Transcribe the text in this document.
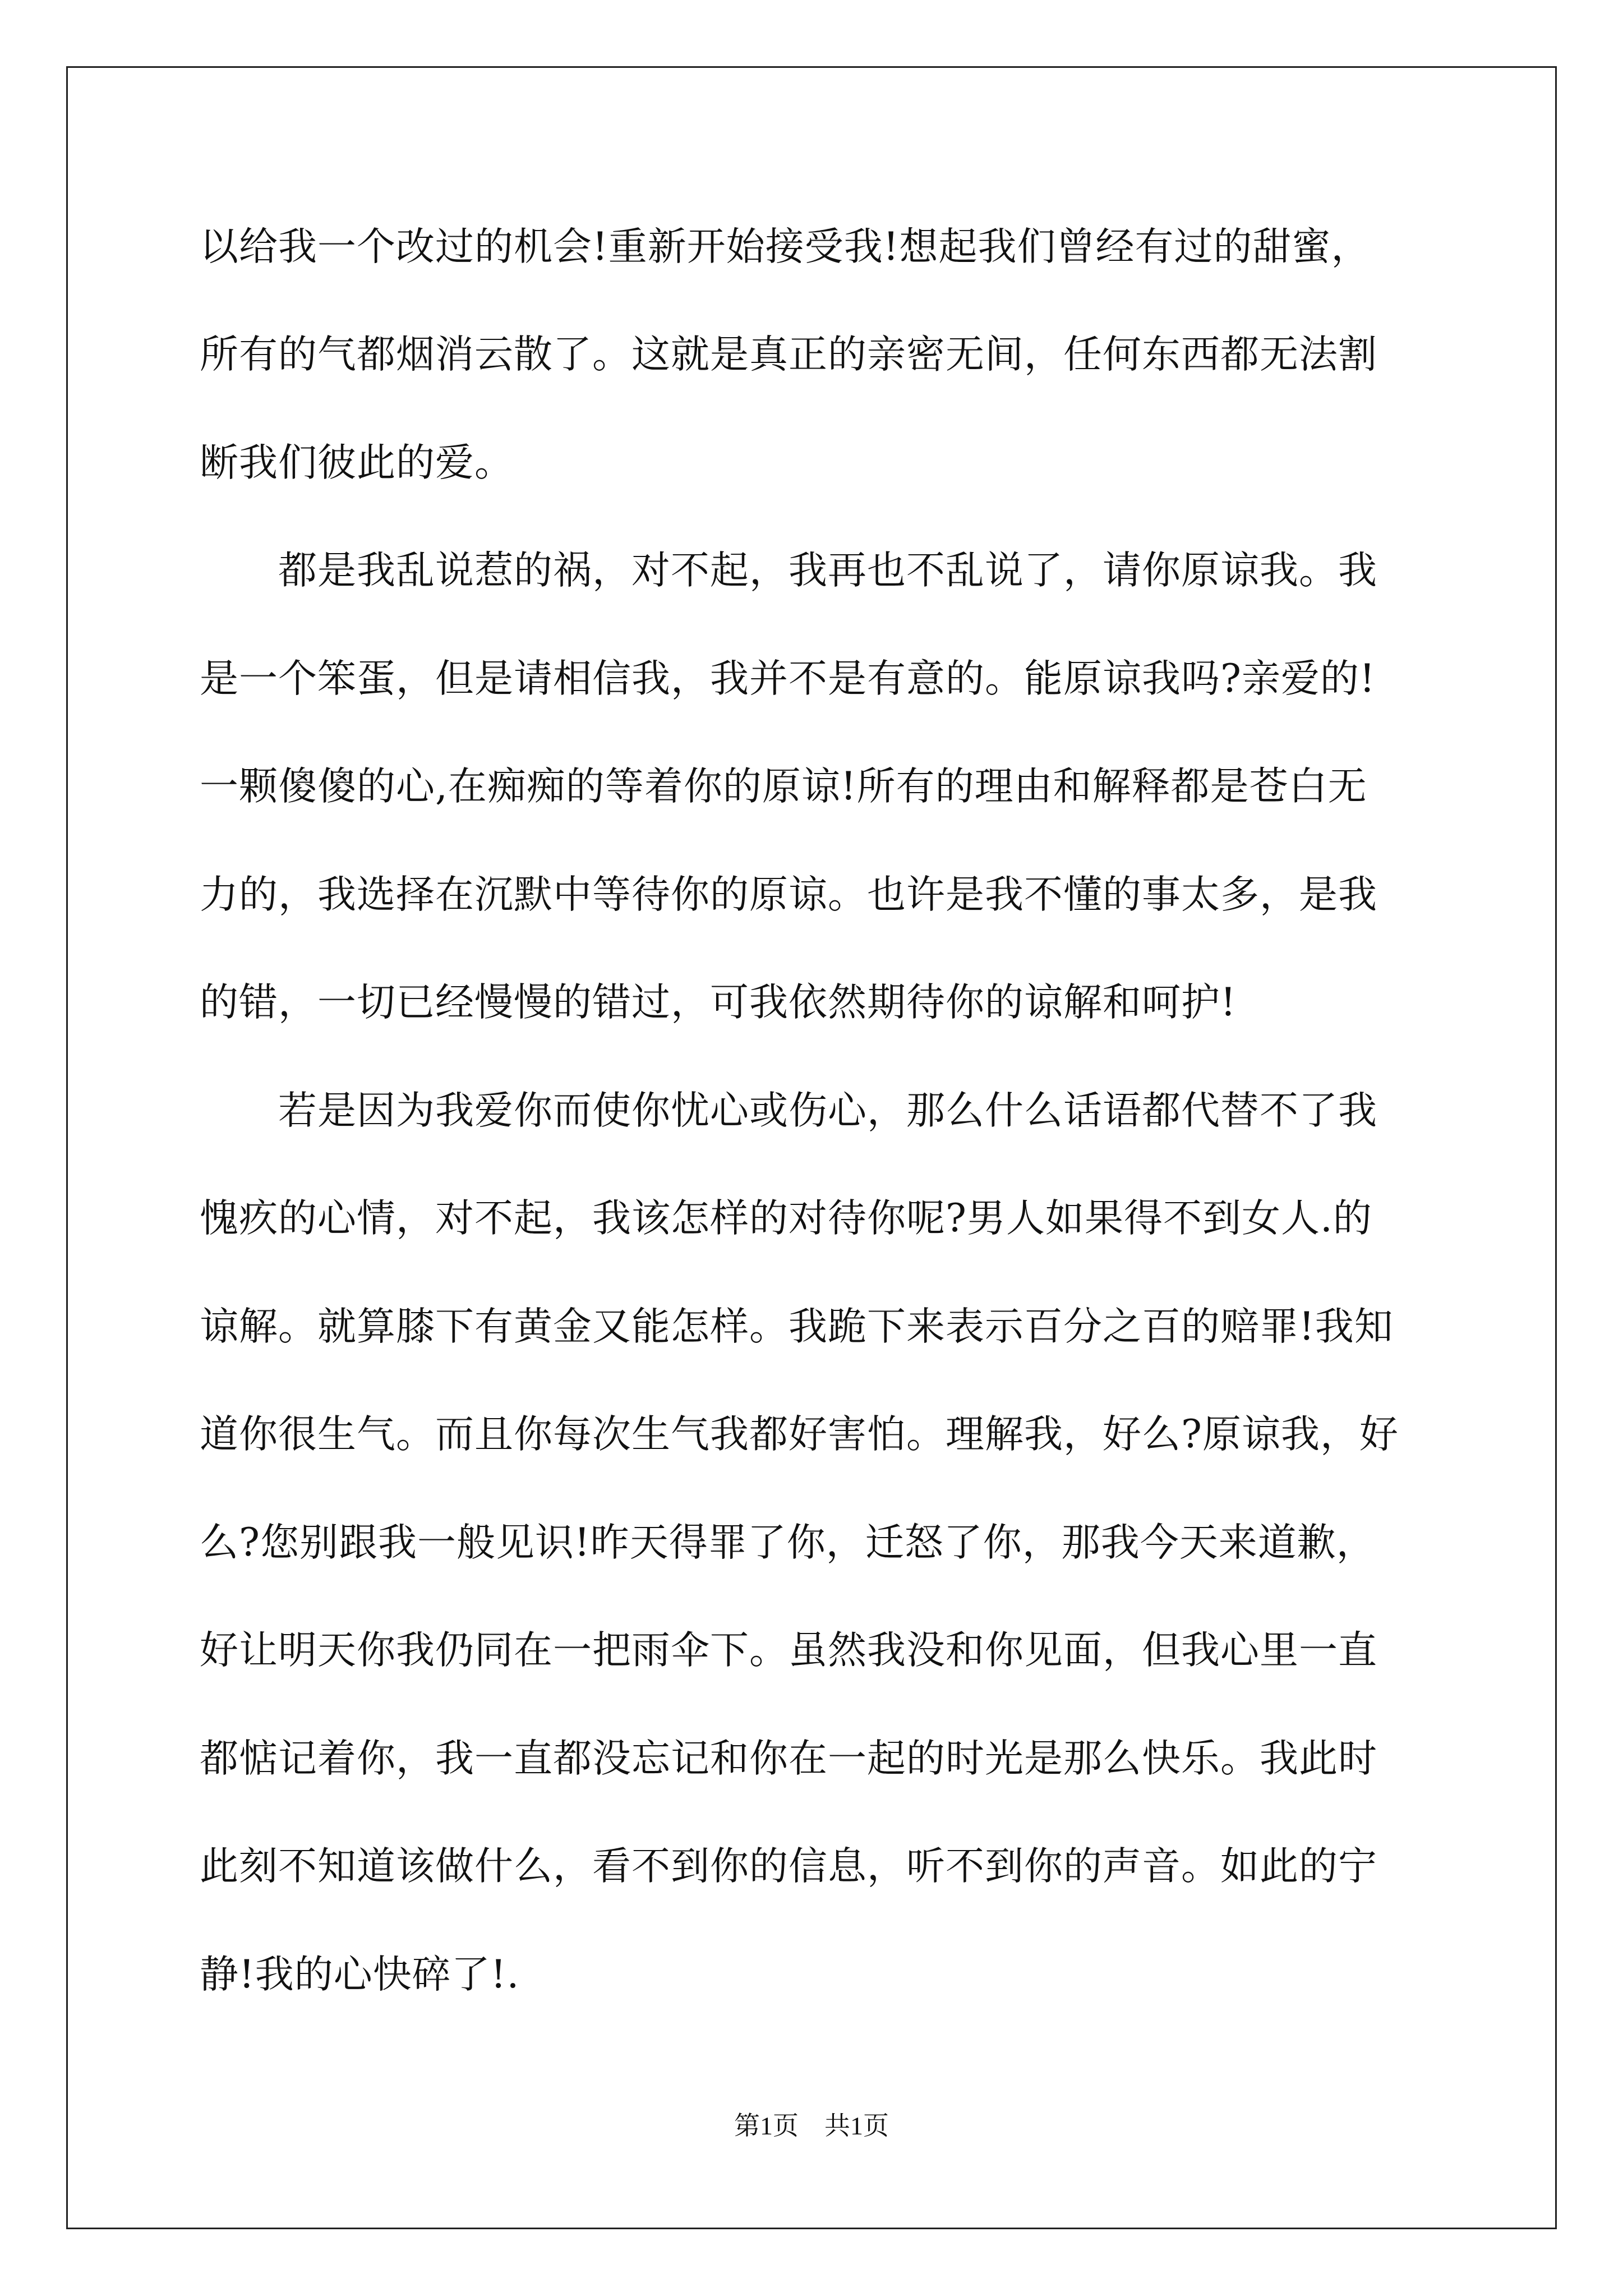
以给我一个改过的机会!重新开始接受我!想起我们曾经有过的甜蜜，
所有的气都烟消云散了。这就是真正的亲密无间，任何东西都无法割
断我们彼此的爱。
　　都是我乱说惹的祸，对不起，我再也不乱说了，请你原谅我。我
是一个笨蛋，但是请相信我，我并不是有意的。能原谅我吗?亲爱的!
一颗傻傻的心,在痴痴的等着你的原谅!所有的理由和解释都是苍白无
力的，我选择在沉默中等待你的原谅。也许是我不懂的事太多，是我
的错，一切已经慢慢的错过，可我依然期待你的谅解和呵护!
　　若是因为我爱你而使你忧心或伤心，那么什么话语都代替不了我
愧疚的心情，对不起，我该怎样的对待你呢?男人如果得不到女人.的
谅解。就算膝下有黄金又能怎样。我跪下来表示百分之百的赔罪!我知
道你很生气。而且你每次生气我都好害怕。理解我，好么?原谅我，好
么?您别跟我一般见识!昨天得罪了你，迁怒了你，那我今天来道歉，
好让明天你我仍同在一把雨伞下。虽然我没和你见面，但我心里一直
都惦记着你，我一直都没忘记和你在一起的时光是那么快乐。我此时
此刻不知道该做什么，看不到你的信息，听不到你的声音。如此的宁
静!我的心快碎了!.
第1页　共1页
